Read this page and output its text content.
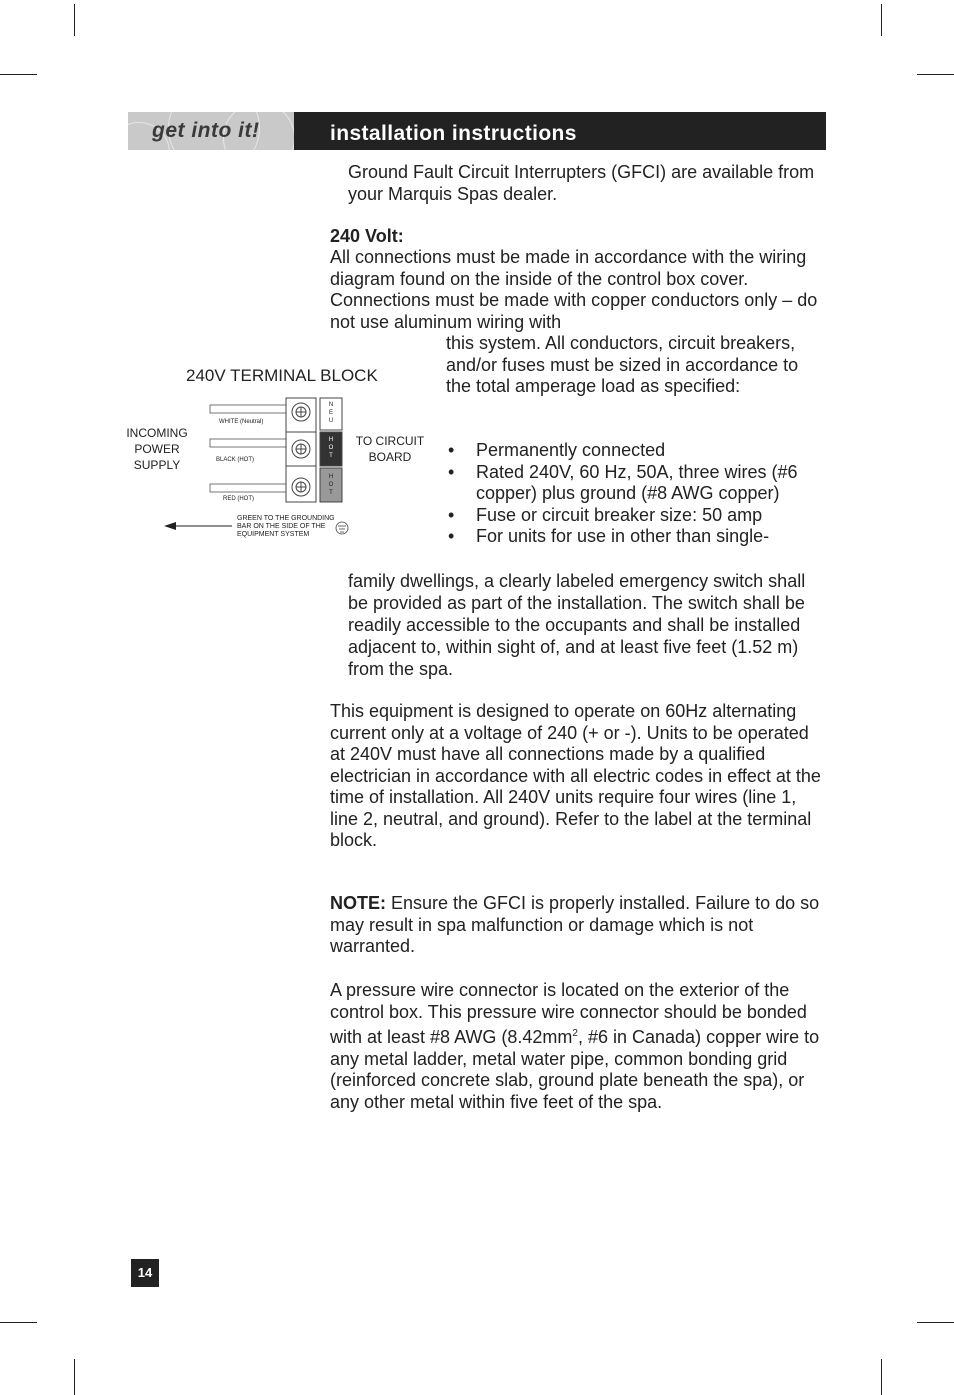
get into it!	installation instructions
Ground Fault Circuit Interrupters (GFCI) are available from your Marquis Spas dealer.
240 Volt:
All connections must be made in accordance with the wiring diagram found on the inside of the control box cover. Connections must be made with copper conductors only – do not use aluminum wiring with
this system. All conductors, circuit breakers, and/or fuses must be sized in accordance to the total amperage load as specified:
• Permanently connected
• Rated 240V, 60 Hz, 50A, three wires (#6 copper) plus ground (#8 AWG copper)
• Fuse or circuit breaker size: 50 amp
• For units for use in other than single-
family dwellings, a clearly labeled emergency switch shall be provided as part of the installation. The switch shall be readily accessible to the occupants and shall be installed adjacent to, within sight of, and at least five feet (1.52 m) from the spa.
This equipment is designed to operate on 60Hz alternating current only at a voltage of 240 (+ or -). Units to be operated at 240V must have all connections made by a qualified electrician in accordance with all electric codes in effect at the time of installation. All 240V units require four wires (line 1, line 2, neutral, and ground). Refer to the label at the terminal block.
NOTE: Ensure the GFCI is properly installed. Failure to do so may result in spa malfunction or damage which is not warranted.
A pressure wire connector is located on the exterior of the control box. This pressure wire connector should be bonded with at least #8 AWG ($8.42mm^2$, #6 in Canada) copper wire to any metal ladder, metal water pipe, common bonding grid (reinforced concrete slab, ground plate beneath the spa), or any other metal within five feet of the spa.
240V TERMINAL BLOCK
INCOMING
POWER
SUPPLY
TO CIRCUIT
BOARD
WHITE (Neutral)
BLACK (HOT)
RED (HOT)
N
E
U
H
O
T
H
O
T
GREEN TO THE GROUNDING
BAR ON THE SIDE OF THE
EQUIPMENT SYSTEM
14
